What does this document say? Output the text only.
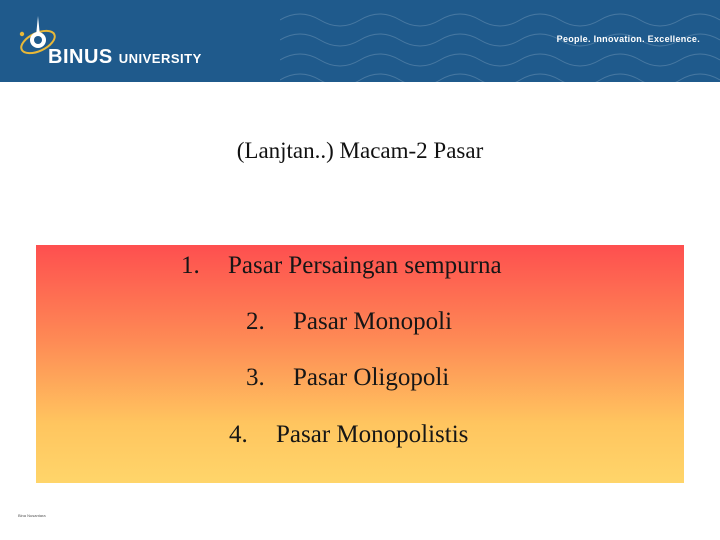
BINUS UNIVERSITY
People. Innovation. Excellence.
(Lanjtan..) Macam-2 Pasar
1.	Pasar Persaingan sempurna
2.	Pasar Monopoli
3.	Pasar Oligopoli
4.	Pasar Monopolistis
Bina Nusantara
